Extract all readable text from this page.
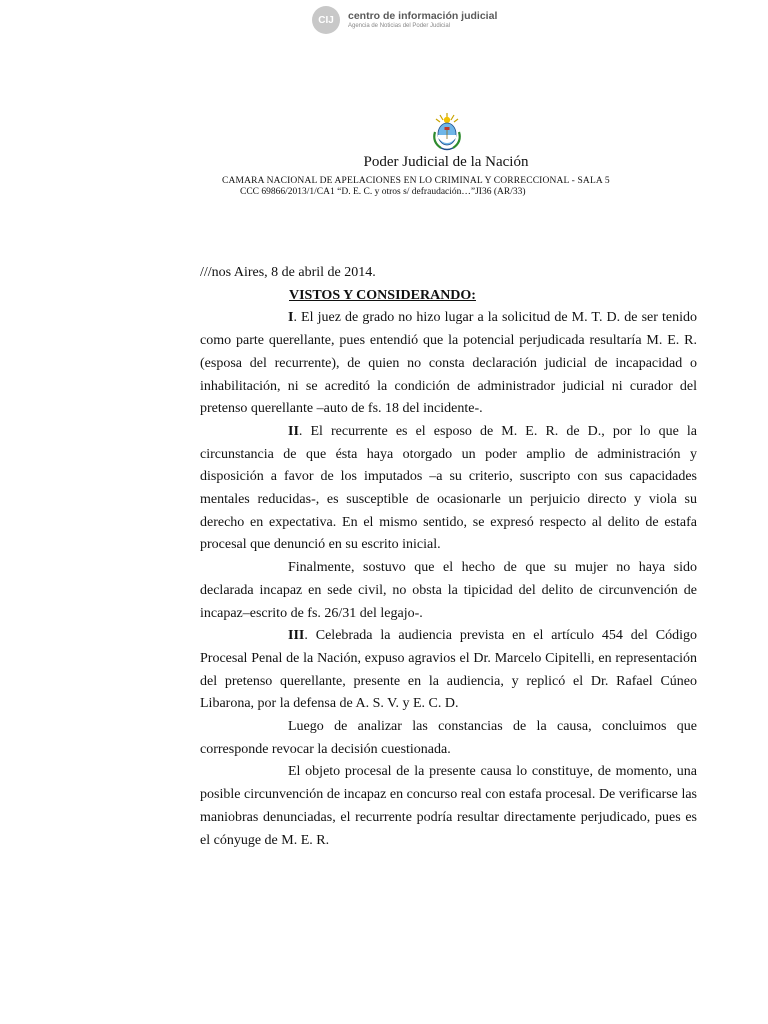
CIJ	centro de información judicial
Agencia de Noticias del Poder Judicial
Poder Judicial de la Nación
CAMARA NACIONAL DE APELACIONES EN LO CRIMINAL Y CORRECCIONAL - SALA 5
CCC 69866/2013/1/CA1 “D. E. C. y otros s/ defraudación…”JI36 (AR/33)

///nos Aires, 8 de abril de 2014.

VISTOS Y CONSIDERANDO:

I. El juez de grado no hizo lugar a la solicitud de M. T. D. de ser tenido como parte querellante, pues entendió que la potencial perjudicada resultaría M. E. R. (esposa del recurrente), de quien no consta declaración judicial de incapacidad o inhabilitación, ni se acreditó la condición de administrador judicial ni curador del pretenso querellante –auto de fs. 18 del incidente-.

II. El recurrente es el esposo de M. E. R. de D., por lo que la circunstancia de que ésta haya otorgado un poder amplio de administración y disposición a favor de los imputados –a su criterio, suscripto con sus capacidades mentales reducidas-, es susceptible de ocasionarle un perjuicio directo y viola su derecho en expectativa. En el mismo sentido, se expresó respecto al delito de estafa procesal que denunció en su escrito inicial.

Finalmente, sostuvo que el hecho de que su mujer no haya sido declarada incapaz en sede civil, no obsta la tipicidad del delito de circunvención de incapaz–escrito de fs. 26/31 del legajo-.

III. Celebrada la audiencia prevista en el artículo 454 del Código Procesal Penal de la Nación, expuso agravios el Dr. Marcelo Cipitelli, en representación del pretenso querellante, presente en la audiencia, y replicó el Dr. Rafael Cúneo Libarona, por la defensa de A. S. V. y E. C. D.

Luego de analizar las constancias de la causa, concluimos que corresponde revocar la decisión cuestionada.

El objeto procesal de la presente causa lo constituye, de momento, una posible circunvención de incapaz en concurso real con estafa procesal. De verificarse las maniobras denunciadas, el recurrente podría resultar directamente perjudicado, pues es el cónyuge de M. E. R.
